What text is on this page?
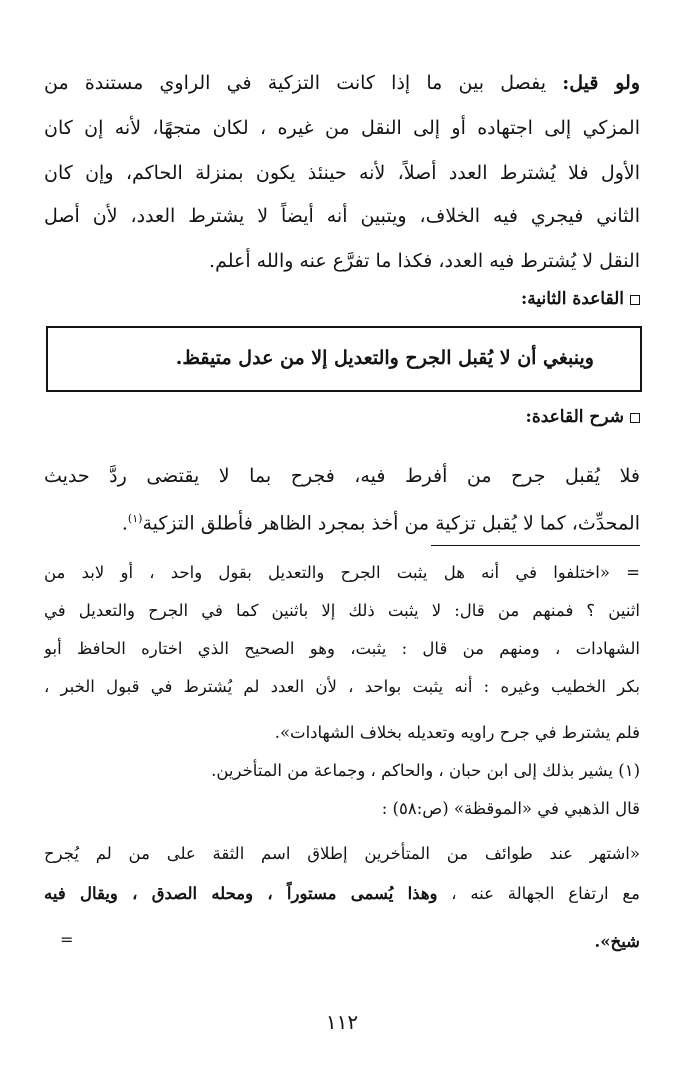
ولو قيل: يفصل بين ما إذا كانت التزكية في الراوي مستندة من
المزكي إلى اجتهاده أو إلى النقل من غيره ، لكان متجهًا، لأنه إن كان
الأول فلا يُشترط العدد أصلاً، لأنه حينئذ يكون بمنزلة الحاكم، وإن كان
الثاني فيجري فيه الخلاف، ويتبين أنه أيضاً لا يشترط العدد، لأن أصل
النقل لا يُشترط فيه العدد، فكذا ما تفرَّع عنه والله أعلم.
القاعدة الثانية:
وينبغي أن لا يُقبل الجرح والتعديل إلا من عدل متيقظ.
شرح القاعدة:
فلا يُقبل جرح من أفرط فيه، فجرح بما لا يقتضى ردَّ حديث
المحدِّث، كما لا يُقبل تزكية من أخذ بمجرد الظاهر فأطلق التزكية$^{(١)}$.
= «اختلفوا في أنه هل يثبت الجرح والتعديل بقول واحد ، أو لابد من
اثنين ؟ فمنهم من قال: لا يثبت ذلك إلا باثنين كما في الجرح والتعديل في
الشهادات ، ومنهم من قال : يثبت، وهو الصحيح الذي اختاره الحافظ أبو
بكر الخطيب وغيره : أنه يثبت بواحد ، لأن العدد لم يُشترط في قبول الخبر ،
فلم يشترط في جرح راويه وتعديله بخلاف الشهادات».
(١) يشير بذلك إلى ابن حبان ، والحاكم ، وجماعة من المتأخرين.
قال الذهبي في «الموقظة» (ص:٥٨) :
«اشتهر عند طوائف من المتأخرين إطلاق اسم الثقة على من لم يُجرح
مع ارتفاع الجهالة عنه ، وهذا يُسمى مستوراً ، ومحله الصدق ، ويقال فيه
شيخ».
=
١١٢
